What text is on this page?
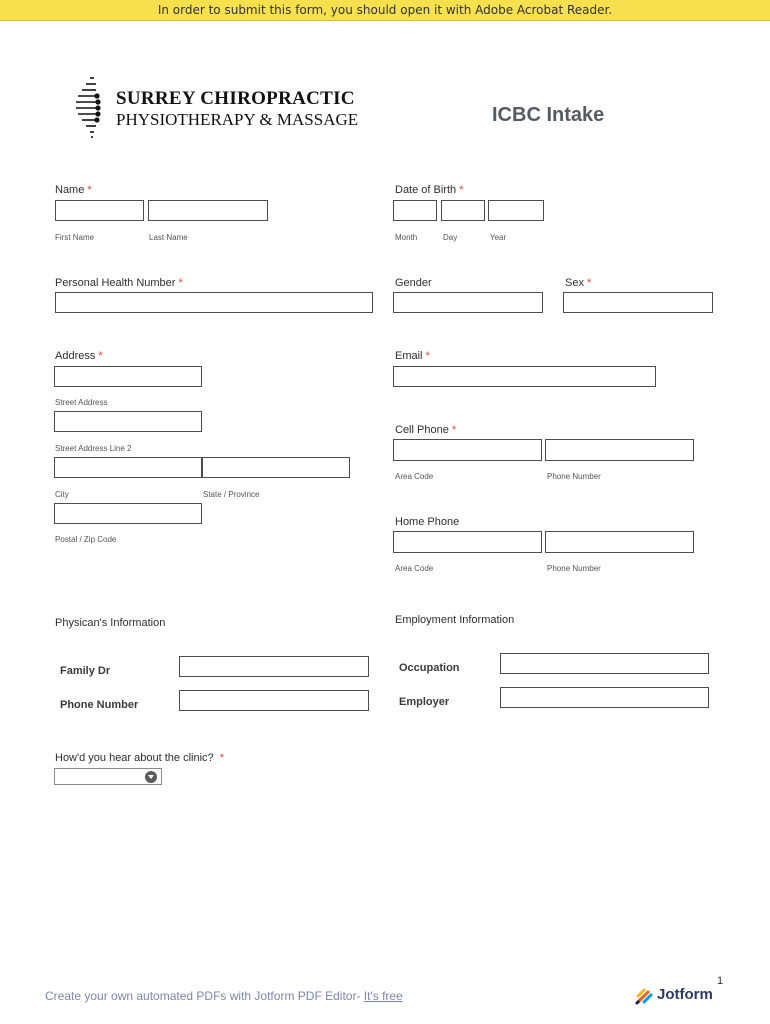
In order to submit this form, you should open it with Adobe Acrobat Reader.
SURREY CHIROPRACTIC
PHYSIOTHERAPY & MASSAGE	ICBC Intake
Name *
First Name	Last Name
Date of Birth *
Month	Day	Year
Personal Health Number *	Gender	Sex *
Address *
Street Address
Street Address Line 2
City	State / Province
Postal / Zip Code
Email *
Cell Phone *
Area Code	Phone Number
Home Phone
Area Code	Phone Number
Physican's Information
Family Dr
Phone Number
Employment Information
Occupation
Employer
How'd you hear about the clinic? *
Create your own automated PDFs with Jotform PDF Editor- It's free
1
Jotform
